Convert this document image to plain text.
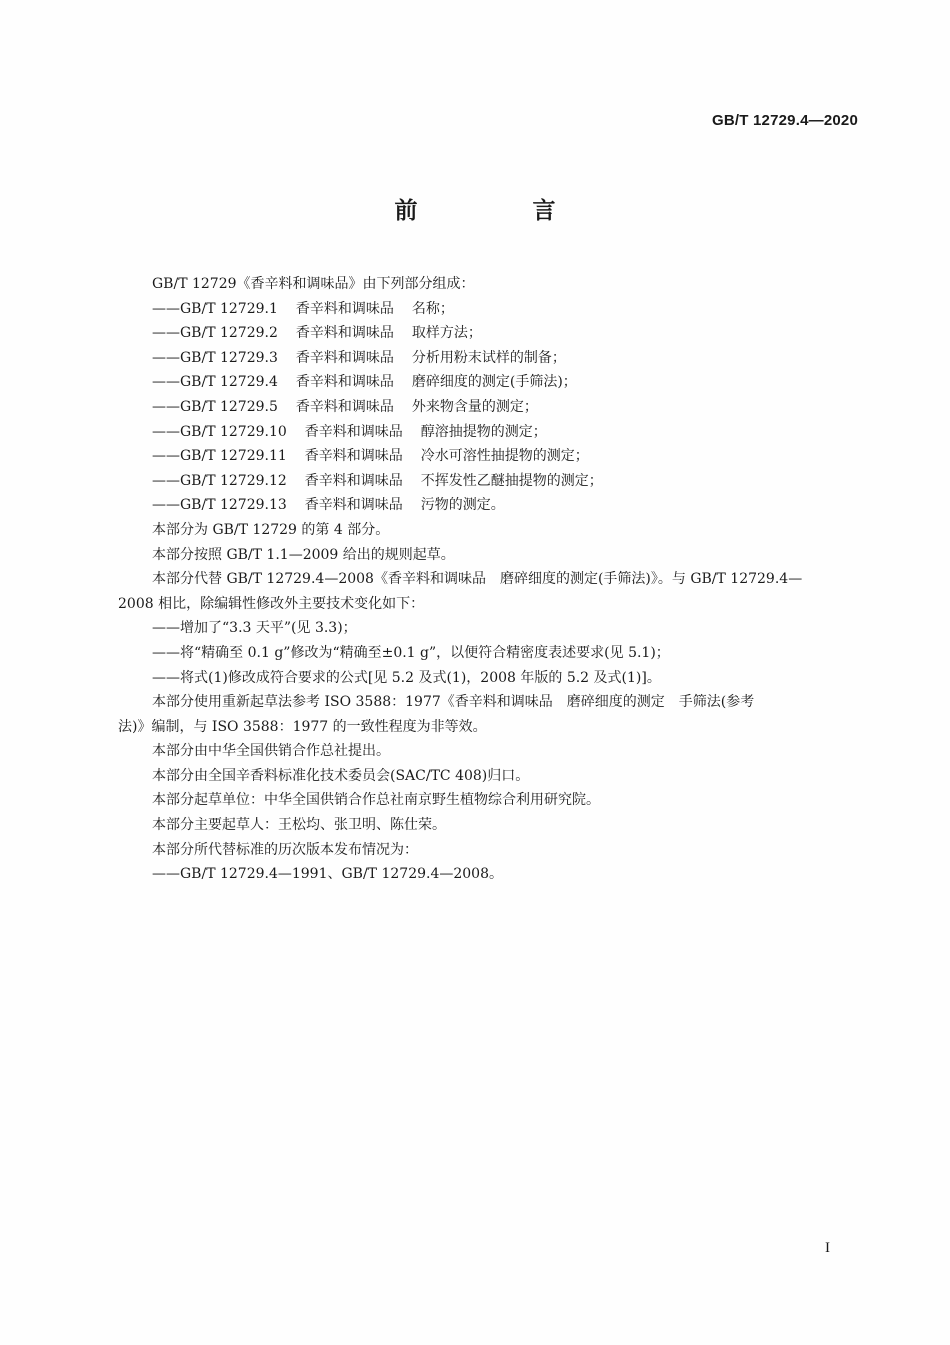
GB/T 12729.4—2020
前　言
GB/T 12729《香辛料和调味品》由下列部分组成：
——GB/T 12729.1 香辛料和调味品 名称；
——GB/T 12729.2 香辛料和调味品 取样方法；
——GB/T 12729.3 香辛料和调味品 分析用粉末试样的制备；
——GB/T 12729.4 香辛料和调味品 磨碎细度的测定(手筛法)；
——GB/T 12729.5 香辛料和调味品 外来物含量的测定；
——GB/T 12729.10 香辛料和调味品 醇溶抽提物的测定；
——GB/T 12729.11 香辛料和调味品 冷水可溶性抽提物的测定；
——GB/T 12729.12 香辛料和调味品 不挥发性乙醚抽提物的测定；
——GB/T 12729.13 香辛料和调味品 污物的测定。
本部分为 GB/T 12729 的第 4 部分。
本部分按照 GB/T 1.1—2009 给出的规则起草。
本部分代替 GB/T 12729.4—2008《香辛料和调味品　磨碎细度的测定(手筛法)》。与 GB/T 12729.4—
2008 相比，除编辑性修改外主要技术变化如下：
——增加了“3.3 天平”(见 3.3)；
——将“精确至 0.1 g”修改为“精确至±0.1 g”，以便符合精密度表述要求(见 5.1)；
——将式(1)修改成符合要求的公式[见 5.2 及式(1)，2008 年版的 5.2 及式(1)]。
本部分使用重新起草法参考 ISO 3588：1977《香辛料和调味品　磨碎细度的测定　手筛法(参考
法)》编制，与 ISO 3588：1977 的一致性程度为非等效。
本部分由中华全国供销合作总社提出。
本部分由全国辛香料标准化技术委员会(SAC/TC 408)归口。
本部分起草单位：中华全国供销合作总社南京野生植物综合利用研究院。
本部分主要起草人：王松均、张卫明、陈仕荣。
本部分所代替标准的历次版本发布情况为：
——GB/T 12729.4—1991、GB/T 12729.4—2008。
I
